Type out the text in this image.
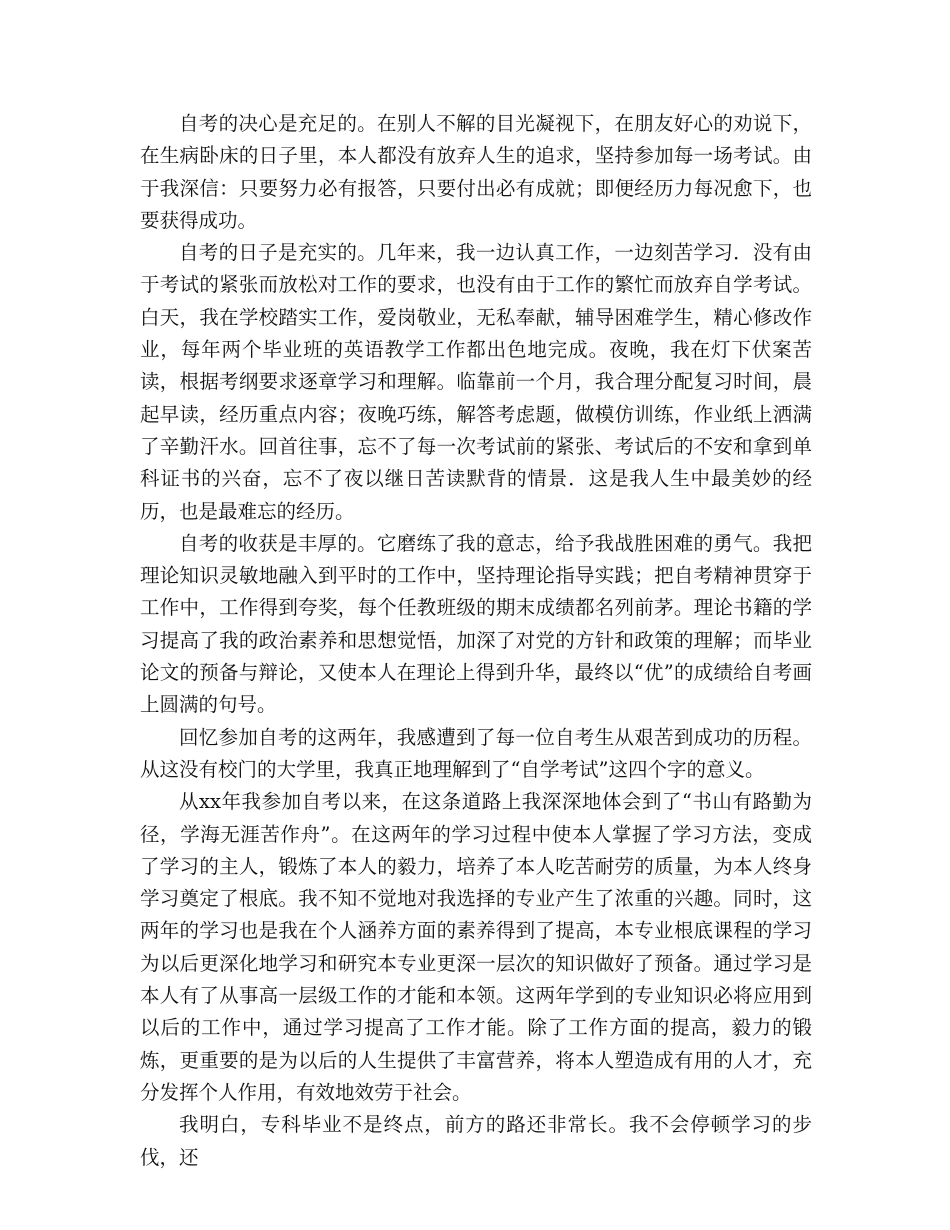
自考的决心是充足的。在别人不解的目光凝视下，在朋友好心的劝说下，在生病卧床的日子里，本人都没有放弃人生的追求，坚持参加每一场考试。由于我深信：只要努力必有报答，只要付出必有成就；即便经历力每况愈下，也要获得成功。

自考的日子是充实的。几年来，我一边认真工作，一边刻苦学习．没有由于考试的紧张而放松对工作的要求，也没有由于工作的繁忙而放弃自学考试。白天，我在学校踏实工作，爱岗敬业，无私奉献，辅导困难学生，精心修改作业，每年两个毕业班的英语教学工作都出色地完成。夜晚，我在灯下伏案苦读，根据考纲要求逐章学习和理解。临靠前一个月，我合理分配复习时间，晨起早读，经历重点内容；夜晚巧练，解答考虑题，做模仿训练，作业纸上洒满了辛勤汗水。回首往事，忘不了每一次考试前的紧张、考试后的不安和拿到单科证书的兴奋，忘不了夜以继日苦读默背的情景．这是我人生中最美妙的经历，也是最难忘的经历。

自考的收获是丰厚的。它磨练了我的意志，给予我战胜困难的勇气。我把理论知识灵敏地融入到平时的工作中，坚持理论指导实践；把自考精神贯穿于工作中，工作得到夸奖，每个任教班级的期末成绩都名列前茅。理论书籍的学习提高了我的政治素养和思想觉悟，加深了对党的方针和政策的理解；而毕业论文的预备与辩论，又使本人在理论上得到升华，最终以“优”的成绩给自考画上圆满的句号。

回忆参加自考的这两年，我感遭到了每一位自考生从艰苦到成功的历程。从这没有校门的大学里，我真正地理解到了“自学考试”这四个字的意义。

从xx年我参加自考以来，在这条道路上我深深地体会到了“书山有路勤为径，学海无涯苦作舟”。在这两年的学习过程中使本人掌握了学习方法，变成了学习的主人，锻炼了本人的毅力，培养了本人吃苦耐劳的质量，为本人终身学习奠定了根底。我不知不觉地对我选择的专业产生了浓重的兴趣。同时，这两年的学习也是我在个人涵养方面的素养得到了提高，本专业根底课程的学习为以后更深化地学习和研究本专业更深一层次的知识做好了预备。通过学习是本人有了从事高一层级工作的才能和本领。这两年学到的专业知识必将应用到以后的工作中，通过学习提高了工作才能。除了工作方面的提高，毅力的锻炼，更重要的是为以后的人生提供了丰富营养，将本人塑造成有用的人才，充分发挥个人作用，有效地效劳于社会。

我明白，专科毕业不是终点，前方的路还非常长。我不会停顿学习的步伐，还
